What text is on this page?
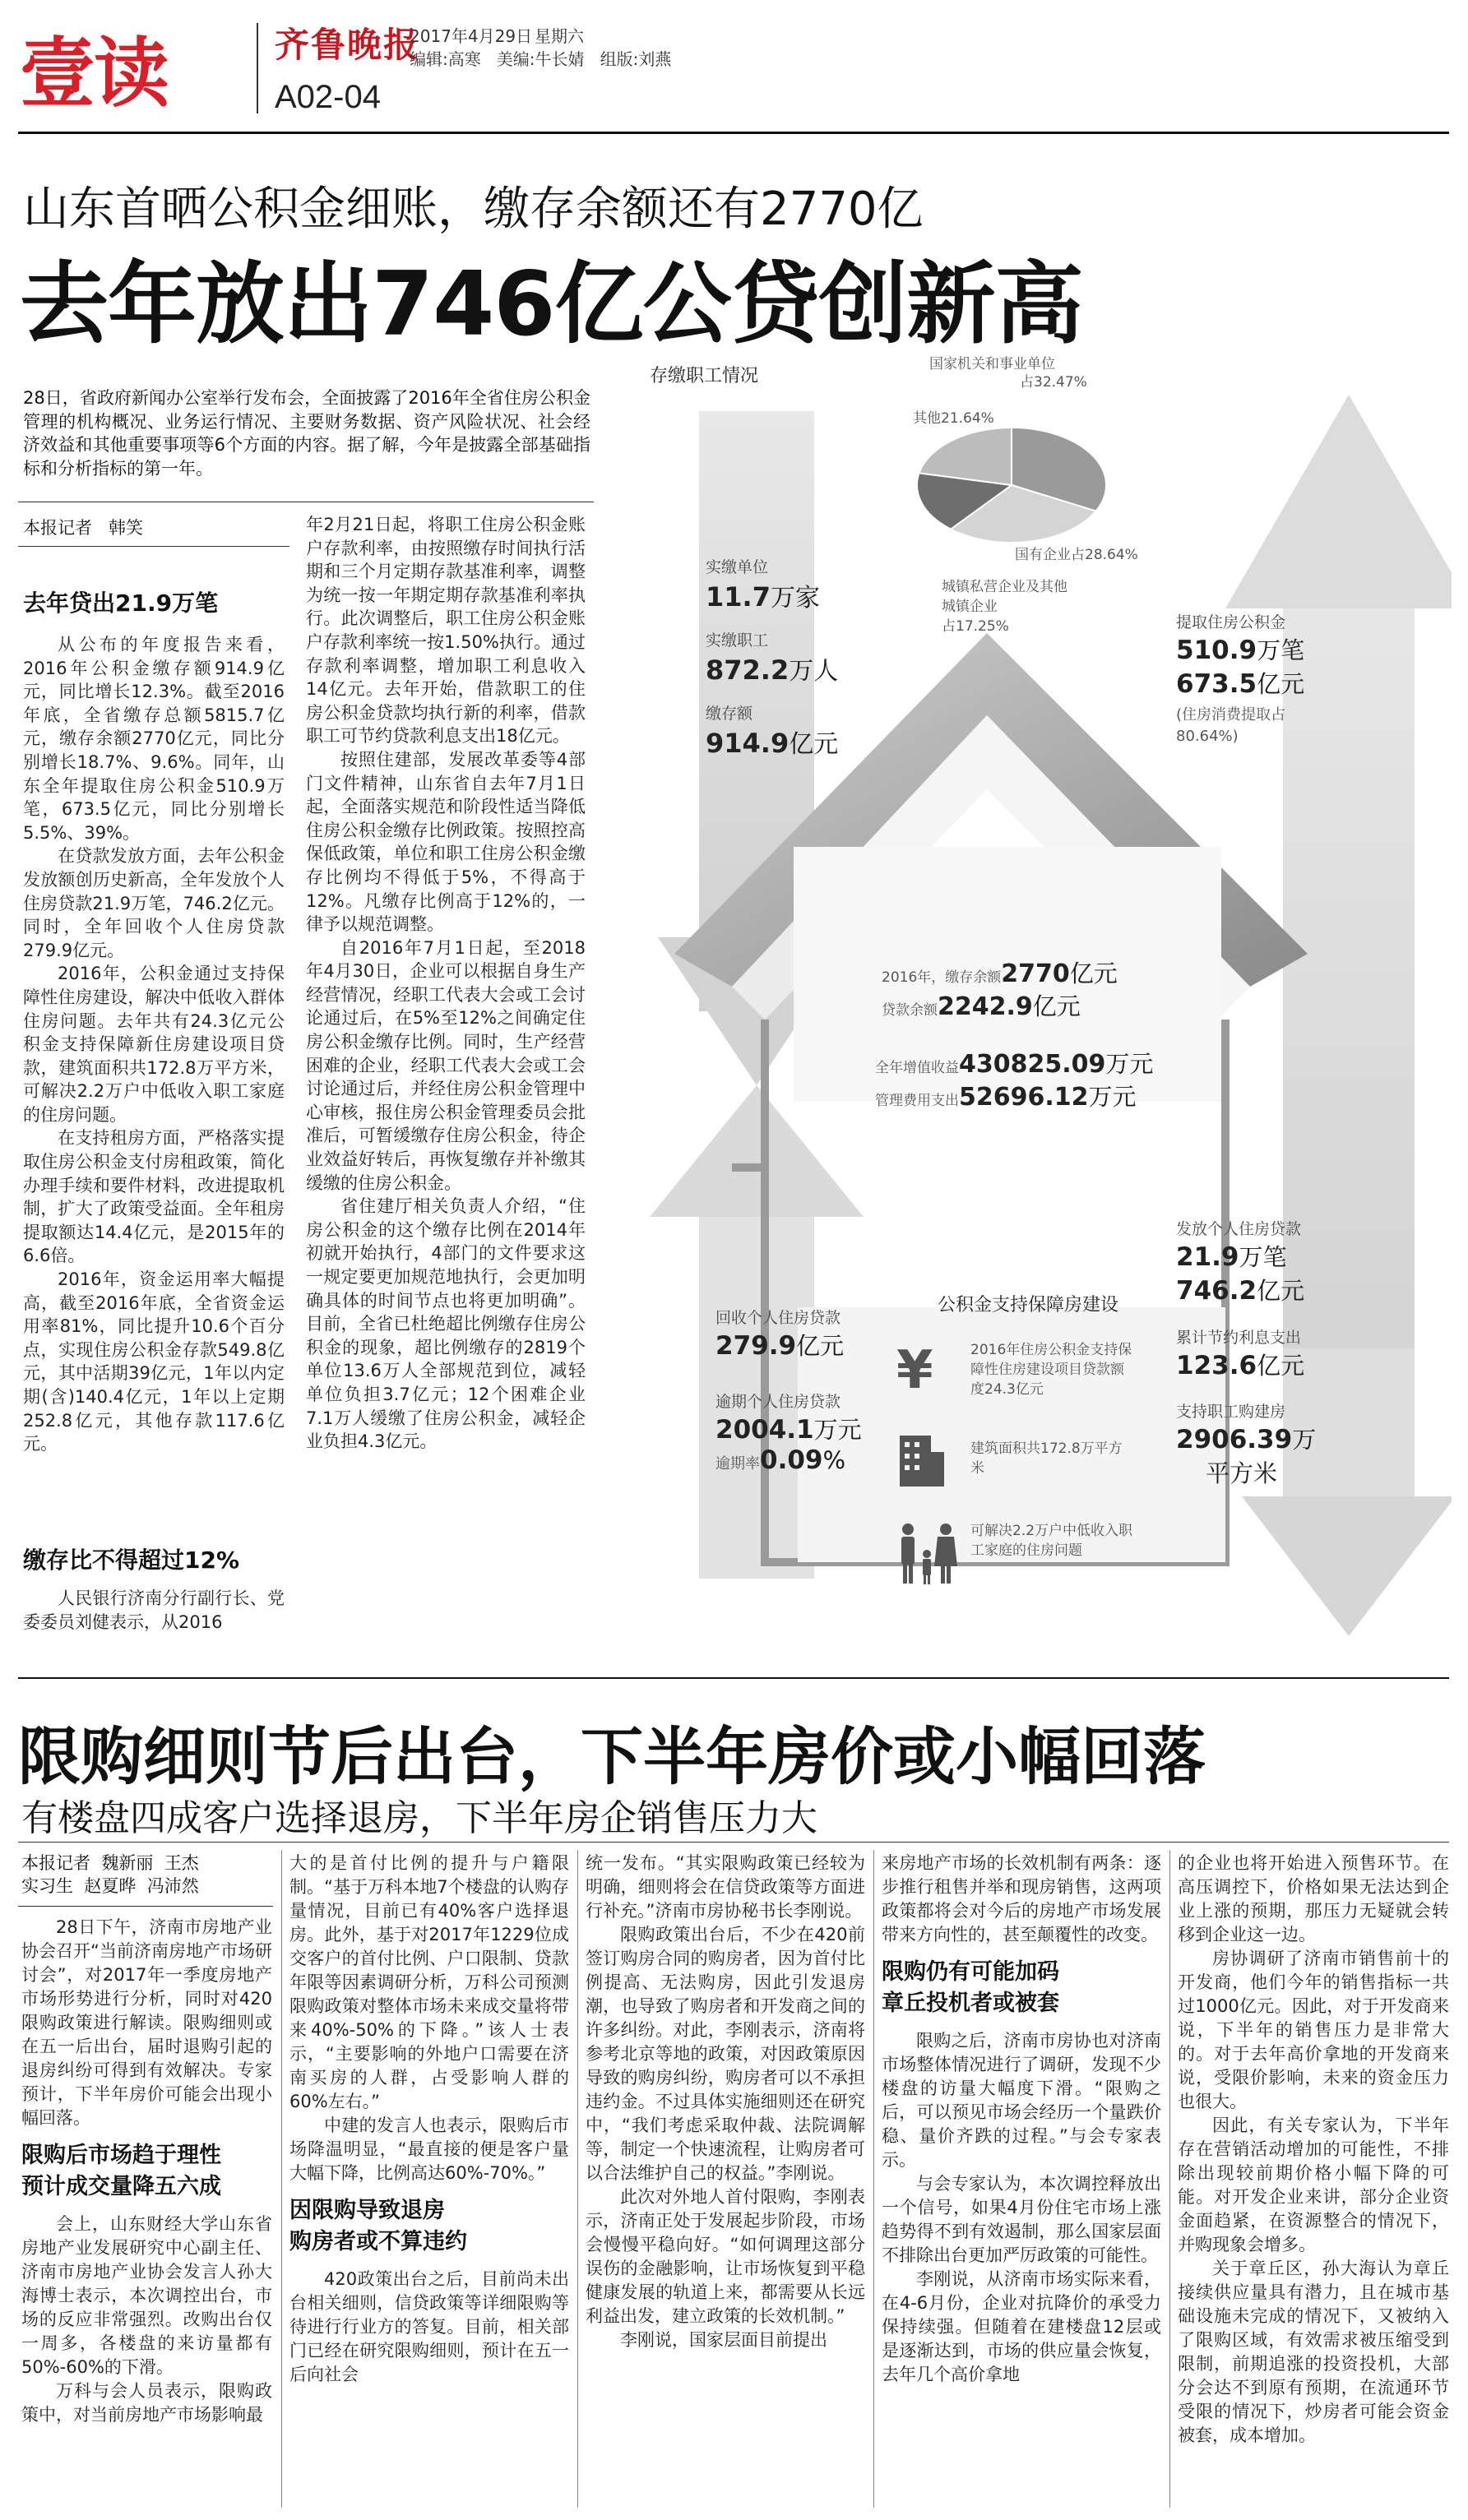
壹读	齐鲁晚报
2017年4月29日 星期六
编辑:高寒   美编:牛长婧   组版:刘燕
A02-04
山东首晒公积金细账，缴存余额还有2770亿
去年放出746亿公贷创新高
28日，省政府新闻办公室举行发布会，全面披露了2016年全省住房公积金管理的机构概况、业务运行情况、主要财务数据、资产风险状况、社会经济效益和其他重要事项等6个方面的内容。据了解，今年是披露全部基础指标和分析指标的第一年。
本报记者   韩笑
去年贷出21.9万笔

从公布的年度报告来看，2016年公积金缴存额914.9亿元，同比增长12.3%。截至2016年底，全省缴存总额5815.7亿元，缴存余额2770亿元，同比分别增长18.7%、9.6%。同年，山东全年提取住房公积金510.9万笔，673.5亿元，同比分别增长5.5%、39%。

在贷款发放方面，去年公积金发放额创历史新高，全年发放个人住房贷款21.9万笔，746.2亿元。同时，全年回收个人住房贷款279.9亿元。

2016年，公积金通过支持保障性住房建设，解决中低收入群体住房问题。去年共有24.3亿元公积金支持保障新住房建设项目贷款，建筑面积共172.8万平方米，可解决2.2万户中低收入职工家庭的住房问题。

在支持租房方面，严格落实提取住房公积金支付房租政策，简化办理手续和要件材料，改进提取机制，扩大了政策受益面。全年租房提取额达14.4亿元，是2015年的6.6倍。

2016年，资金运用率大幅提高，截至2016年底，全省资金运用率81%，同比提升10.6个百分点，实现住房公积金存款549.8亿元，其中活期39亿元，1年以内定期(含)140.4亿元，1年以上定期252.8亿元，其他存款117.6亿元。

缴存比不得超过12%

人民银行济南分行副行长、党委委员刘健表示，从2016

年2月21日起，将职工住房公积金账户存款利率，由按照缴存时间执行活期和三个月定期存款基准利率，调整为统一按一年期定期存款基准利率执行。此次调整后，职工住房公积金账户存款利率统一按1.50%执行。通过存款利率调整，增加职工利息收入14亿元。去年开始，借款职工的住房公积金贷款均执行新的利率，借款职工可节约贷款利息支出18亿元。

按照住建部，发展改革委等4部门文件精神，山东省自去年7月1日起，全面落实规范和阶段性适当降低住房公积金缴存比例政策。按照控高保低政策，单位和职工住房公积金缴存比例均不得低于5%，不得高于12%。凡缴存比例高于12%的，一律予以规范调整。

自2016年7月1日起，至2018年4月30日，企业可以根据自身生产经营情况，经职工代表大会或工会讨论通过后，在5%至12%之间确定住房公积金缴存比例。同时，生产经营困难的企业，经职工代表大会或工会讨论通过后，并经住房公积金管理中心审核，报住房公积金管理委员会批准后，可暂缓缴存住房公积金，待企业效益好转后，再恢复缴存并补缴其缓缴的住房公积金。

省住建厅相关负责人介绍，“住房公积金的这个缴存比例在2014年初就开始执行，4部门的文件要求这一规定要更加规范地执行，会更加明确具体的时间节点也将更加明确”。目前，全省已杜绝超比例缴存住房公积金的现象，超比例缴存的2819个单位13.6万人全部规范到位，减轻单位负担3.7亿元；12个困难企业7.1万人缓缴了住房公积金，减轻企业负担4.3亿元。

存缴职工情况
国家机关和事业单位
占32.47%
其他21.64%
国有企业占28.64%
城镇私营企业及其他城镇企业
占17.25%
实缴单位
11.7万家
实缴职工
872.2万人
缴存额
914.9亿元
提取住房公积金
510.9万笔
673.5亿元
(住房消费提取占80.64%)
2016年，缴存余额2770亿元
贷款余额2242.9亿元
全年增值收益430825.09万元
管理费用支出52696.12万元
发放个人住房贷款
21.9万笔
746.2亿元
累计节约利息支出
123.6亿元
支持职工购建房
2906.39万
平方米
回收个人住房贷款
279.9亿元
逾期个人住房贷款
2004.1万元
逾期率0.09%
公积金支持保障房建设
¥	2016年住房公积金支持保障性住房建设项目贷款额度24.3亿元
建筑面积共172.8万平方米
可解决2.2万户中低收入职工家庭的住房问题
限购细则节后出台，下半年房价或小幅回落
有楼盘四成客户选择退房，下半年房企销售压力大
本报记者  魏新丽  王杰
实习生  赵夏晔  冯沛然

28日下午，济南市房地产业协会召开“当前济南房地产市场研讨会”，对2017年一季度房地产市场形势进行分析，同时对420限购政策进行解读。限购细则或在五一后出台，届时退购引起的退房纠纷可得到有效解决。专家预计，下半年房价可能会出现小幅回落。

限购后市场趋于理性
预计成交量降五六成

会上，山东财经大学山东省房地产业发展研究中心副主任、济南市房地产业协会发言人孙大海博士表示，本次调控出台，市场的反应非常强烈。改购出台仅一周多，各楼盘的来访量都有50%-60%的下滑。

万科与会人员表示，限购政策中，对当前房地产市场影响最

大的是首付比例的提升与户籍限制。“基于万科本地7个楼盘的认购存量情况，目前已有40%客户选择退房。此外，基于对2017年1229位成交客户的首付比例、户口限制、贷款年限等因素调研分析，万科公司预测限购政策对整体市场未来成交量将带来40%-50%的下降。”该人士表示，“主要影响的外地户口需要在济南买房的人群，占受影响人群的60%左右。”

中建的发言人也表示，限购后市场降温明显，“最直接的便是客户量大幅下降，比例高达60%-70%。”

因限购导致退房
购房者或不算违约

420政策出台之后，目前尚未出台相关细则，信贷政策等详细限购等待进行行业方的答复。目前，相关部门已经在研究限购细则，预计在五一后向社会

统一发布。“其实限购政策已经较为明确，细则将会在信贷政策等方面进行补充。”济南市房协秘书长李刚说。

限购政策出台后，不少在420前签订购房合同的购房者，因为首付比例提高、无法购房，因此引发退房潮，也导致了购房者和开发商之间的许多纠纷。对此，李刚表示，济南将参考北京等地的政策，对因政策原因导致的购房纠纷，购房者可以不承担违约金。不过具体实施细则还在研究中，“我们考虑采取仲裁、法院调解等，制定一个快速流程，让购房者可以合法维护自己的权益。”李刚说。

此次对外地人首付限购，李刚表示，济南正处于发展起步阶段，市场会慢慢平稳向好。“如何调理这部分误伤的金融影响，让市场恢复到平稳健康发展的轨道上来，都需要从长远利益出发，建立政策的长效机制。”

李刚说，国家层面目前提出

来房地产市场的长效机制有两条：逐步推行租售并举和现房销售，这两项政策都将会对今后的房地产市场发展带来方向性的，甚至颠覆性的改变。

限购仍有可能加码
章丘投机者或被套

限购之后，济南市房协也对济南市场整体情况进行了调研，发现不少楼盘的访量大幅度下滑。“限购之后，可以预见市场会经历一个量跌价稳、量价齐跌的过程。”与会专家表示。

与会专家认为，本次调控释放出一个信号，如果4月份住宅市场上涨趋势得不到有效遏制，那么国家层面不排除出台更加严厉政策的可能性。

李刚说，从济南市场实际来看，在4-6月份，企业对抗降价的承受力保持续强。但随着在建楼盘12层或是逐渐达到，市场的供应量会恢复，去年几个高价拿地

的企业也将开始进入预售环节。在高压调控下，价格如果无法达到企业上涨的预期，那压力无疑就会转移到企业这一边。

房协调研了济南市销售前十的开发商，他们今年的销售指标一共过1000亿元。因此，对于开发商来说，下半年的销售压力是非常大的。对于去年高价拿地的开发商来说，受限价影响，未来的资金压力也很大。

因此，有关专家认为，下半年存在营销活动增加的可能性，不排除出现较前期价格小幅下降的可能。对开发企业来讲，部分企业资金面趋紧，在资源整合的情况下，并购现象会增多。

关于章丘区，孙大海认为章丘接续供应量具有潜力，且在城市基础设施未完成的情况下，又被纳入了限购区域，有效需求被压缩受到限制，前期追涨的投资投机，大部分会达不到原有预期，在流通环节受限的情况下，炒房者可能会资金被套，成本增加。
